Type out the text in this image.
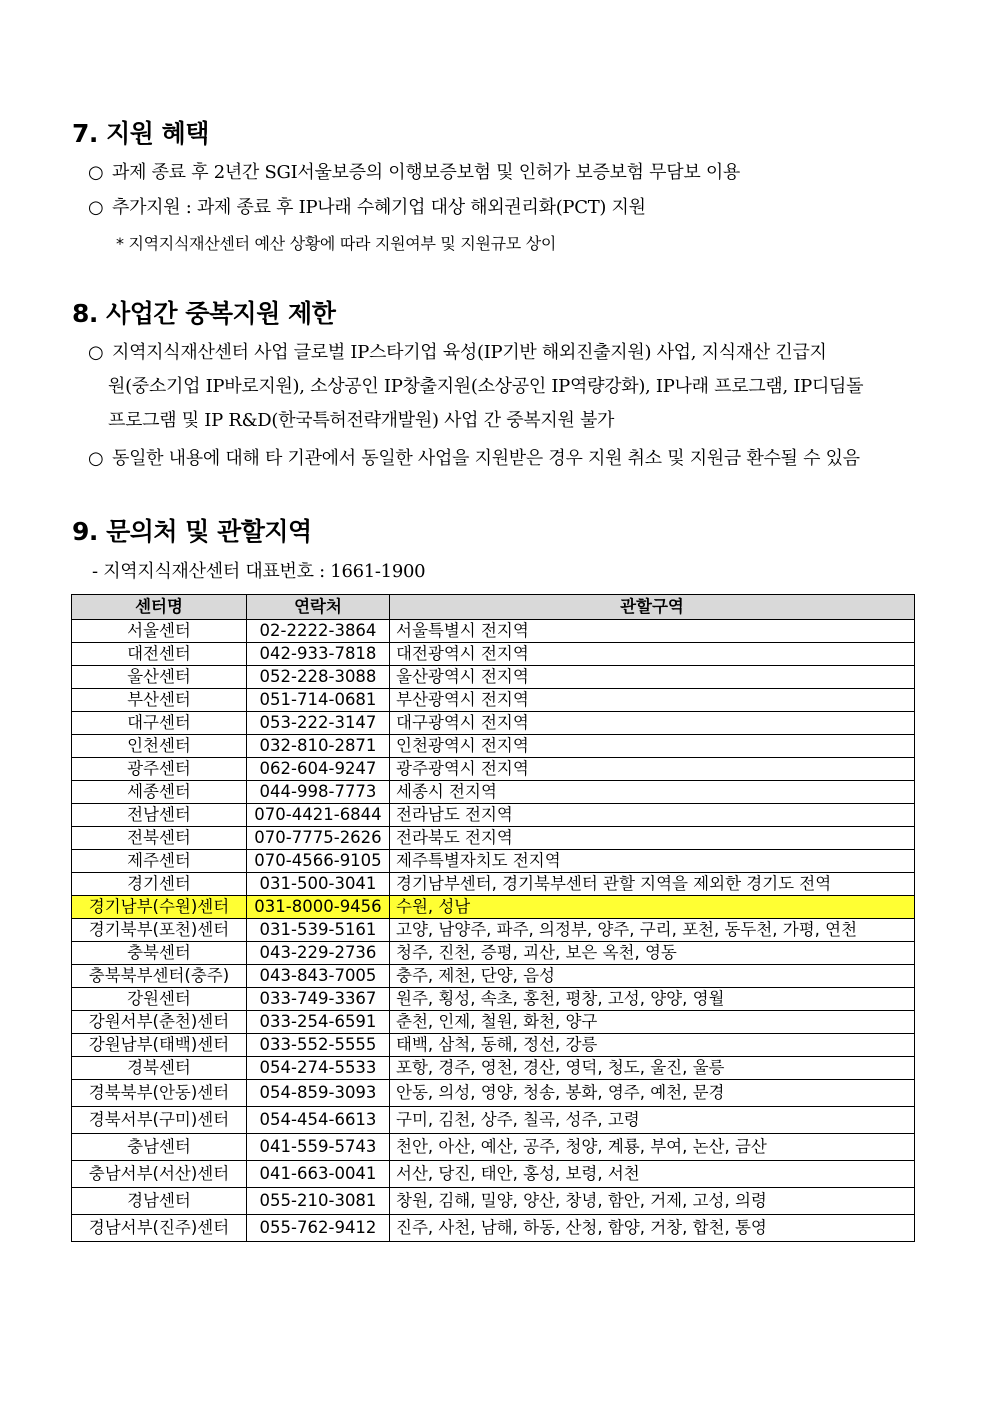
7. 지원 혜택
○ 과제 종료 후 2년간 SGI서울보증의 이행보증보험 및 인허가 보증보험 무담보 이용
○ 추가지원 : 과제 종료 후 IP나래 수혜기업 대상 해외권리화(PCT) 지원
* 지역지식재산센터 예산 상황에 따라 지원여부 및 지원규모 상이
8. 사업간 중복지원 제한
○ 지역지식재산센터 사업 글로벌 IP스타기업 육성(IP기반 해외진출지원) 사업, 지식재산 긴급지
원(중소기업 IP바로지원), 소상공인 IP창출지원(소상공인 IP역량강화), IP나래 프로그램, IP디딤돌
프로그램 및 IP R&D(한국특허전략개발원) 사업 간 중복지원 불가
○ 동일한 내용에 대해 타 기관에서 동일한 사업을 지원받은 경우 지원 취소 및 지원금 환수될 수 있음
9. 문의처 및 관할지역
- 지역지식재산센터 대표번호 : 1661-1900
센터명	연락처	관할구역
서울센터	02-2222-3864	서울특별시 전지역
대전센터	042-933-7818	대전광역시 전지역
울산센터	052-228-3088	울산광역시 전지역
부산센터	051-714-0681	부산광역시 전지역
대구센터	053-222-3147	대구광역시 전지역
인천센터	032-810-2871	인천광역시 전지역
광주센터	062-604-9247	광주광역시 전지역
세종센터	044-998-7773	세종시 전지역
전남센터	070-4421-6844	전라남도 전지역
전북센터	070-7775-2626	전라북도 전지역
제주센터	070-4566-9105	제주특별자치도 전지역
경기센터	031-500-3041	경기남부센터, 경기북부센터 관할 지역을 제외한 경기도 전역
경기남부(수원)센터	031-8000-9456	수원, 성남
경기북부(포천)센터	031-539-5161	고양, 남양주, 파주, 의정부, 양주, 구리, 포천, 동두천, 가평, 연천
충북센터	043-229-2736	청주, 진천, 증평, 괴산, 보은 옥천, 영동
충북북부센터(충주)	043-843-7005	충주, 제천, 단양, 음성
강원센터	033-749-3367	원주, 횡성, 속초, 홍천, 평창, 고성, 양양, 영월
강원서부(춘천)센터	033-254-6591	춘천, 인제, 철원, 화천, 양구
강원남부(태백)센터	033-552-5555	태백, 삼척, 동해, 정선, 강릉
경북센터	054-274-5533	포항, 경주, 영천, 경산, 영덕, 청도, 울진, 울릉
경북북부(안동)센터	054-859-3093	안동, 의성, 영양, 청송, 봉화, 영주, 예천, 문경
경북서부(구미)센터	054-454-6613	구미, 김천, 상주, 칠곡, 성주, 고령
충남센터	041-559-5743	천안, 아산, 예산, 공주, 청양, 계룡, 부여, 논산, 금산
충남서부(서산)센터	041-663-0041	서산, 당진, 태안, 홍성, 보령, 서천
경남센터	055-210-3081	창원, 김해, 밀양, 양산, 창녕, 함안, 거제, 고성, 의령
경남서부(진주)센터	055-762-9412	진주, 사천, 남해, 하동, 산청, 함양, 거창, 합천, 통영
